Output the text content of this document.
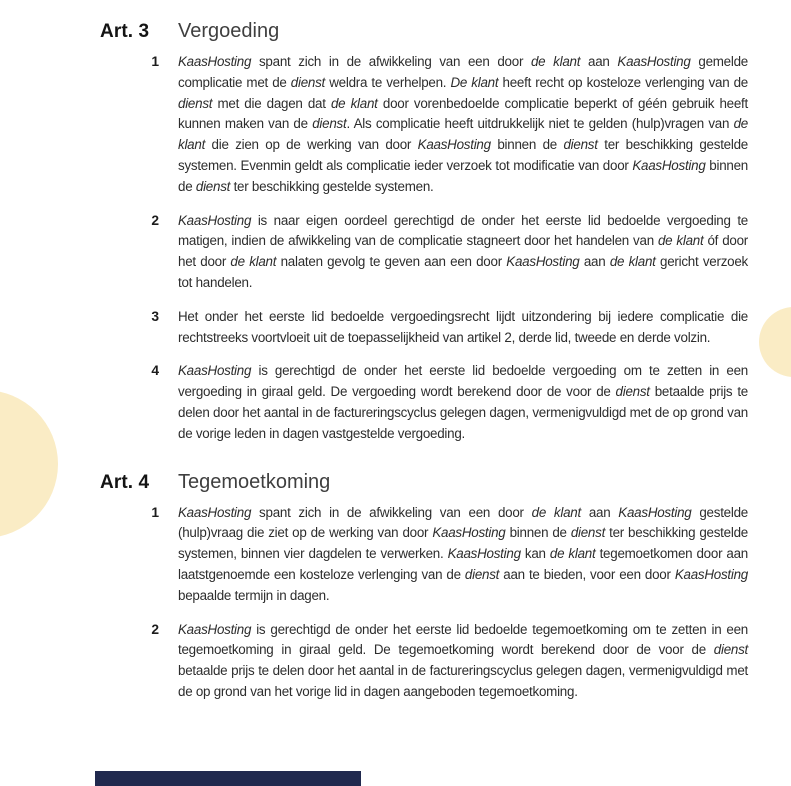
Art. 3	Vergoeding
1	KaasHosting spant zich in de afwikkeling van een door de klant aan KaasHosting gemelde complicatie met de dienst weldra te verhelpen. De klant heeft recht op kosteloze verlenging van de dienst met die dagen dat de klant door vorenbedoelde complicatie beperkt of géén gebruik heeft kunnen maken van de dienst. Als complicatie heeft uitdrukkelijk niet te gelden (hulp)vragen van de klant die zien op de werking van door KaasHosting binnen de dienst ter beschikking gestelde systemen. Evenmin geldt als complicatie ieder verzoek tot modificatie van door KaasHosting binnen de dienst ter beschikking gestelde systemen.
2	KaasHosting is naar eigen oordeel gerechtigd de onder het eerste lid bedoelde vergoeding te matigen, indien de afwikkeling van de complicatie stagneert door het handelen van de klant óf door het door de klant nalaten gevolg te geven aan een door KaasHosting aan de klant gericht verzoek tot handelen.
3	Het onder het eerste lid bedoelde vergoedingsrecht lijdt uitzondering bij iedere complicatie die rechtstreeks voortvloeit uit de toepasselijkheid van artikel 2, derde lid, tweede en derde volzin.
4	KaasHosting is gerechtigd de onder het eerste lid bedoelde vergoeding om te zetten in een vergoeding in giraal geld. De vergoeding wordt berekend door de voor de dienst betaalde prijs te delen door het aantal in de factureringscyclus gelegen dagen, vermenigvuldigd met de op grond van de vorige leden in dagen vastgestelde vergoeding.
Art. 4	Tegemoetkoming
1	KaasHosting spant zich in de afwikkeling van een door de klant aan KaasHosting gestelde (hulp)vraag die ziet op de werking van door KaasHosting binnen de dienst ter beschikking gestelde systemen, binnen vier dagdelen te verwerken. KaasHosting kan de klant tegemoetkomen door aan laatstgenoemde een kosteloze verlenging van de dienst aan te bieden, voor een door KaasHosting bepaalde termijn in dagen.
2	KaasHosting is gerechtigd de onder het eerste lid bedoelde tegemoetkoming om te zetten in een tegemoetkoming in giraal geld. De tegemoetkoming wordt berekend door de voor de dienst betaalde prijs te delen door het aantal in de factureringscyclus gelegen dagen, vermenigvuldigd met de op grond van het vorige lid in dagen aangeboden tegemoetkoming.
